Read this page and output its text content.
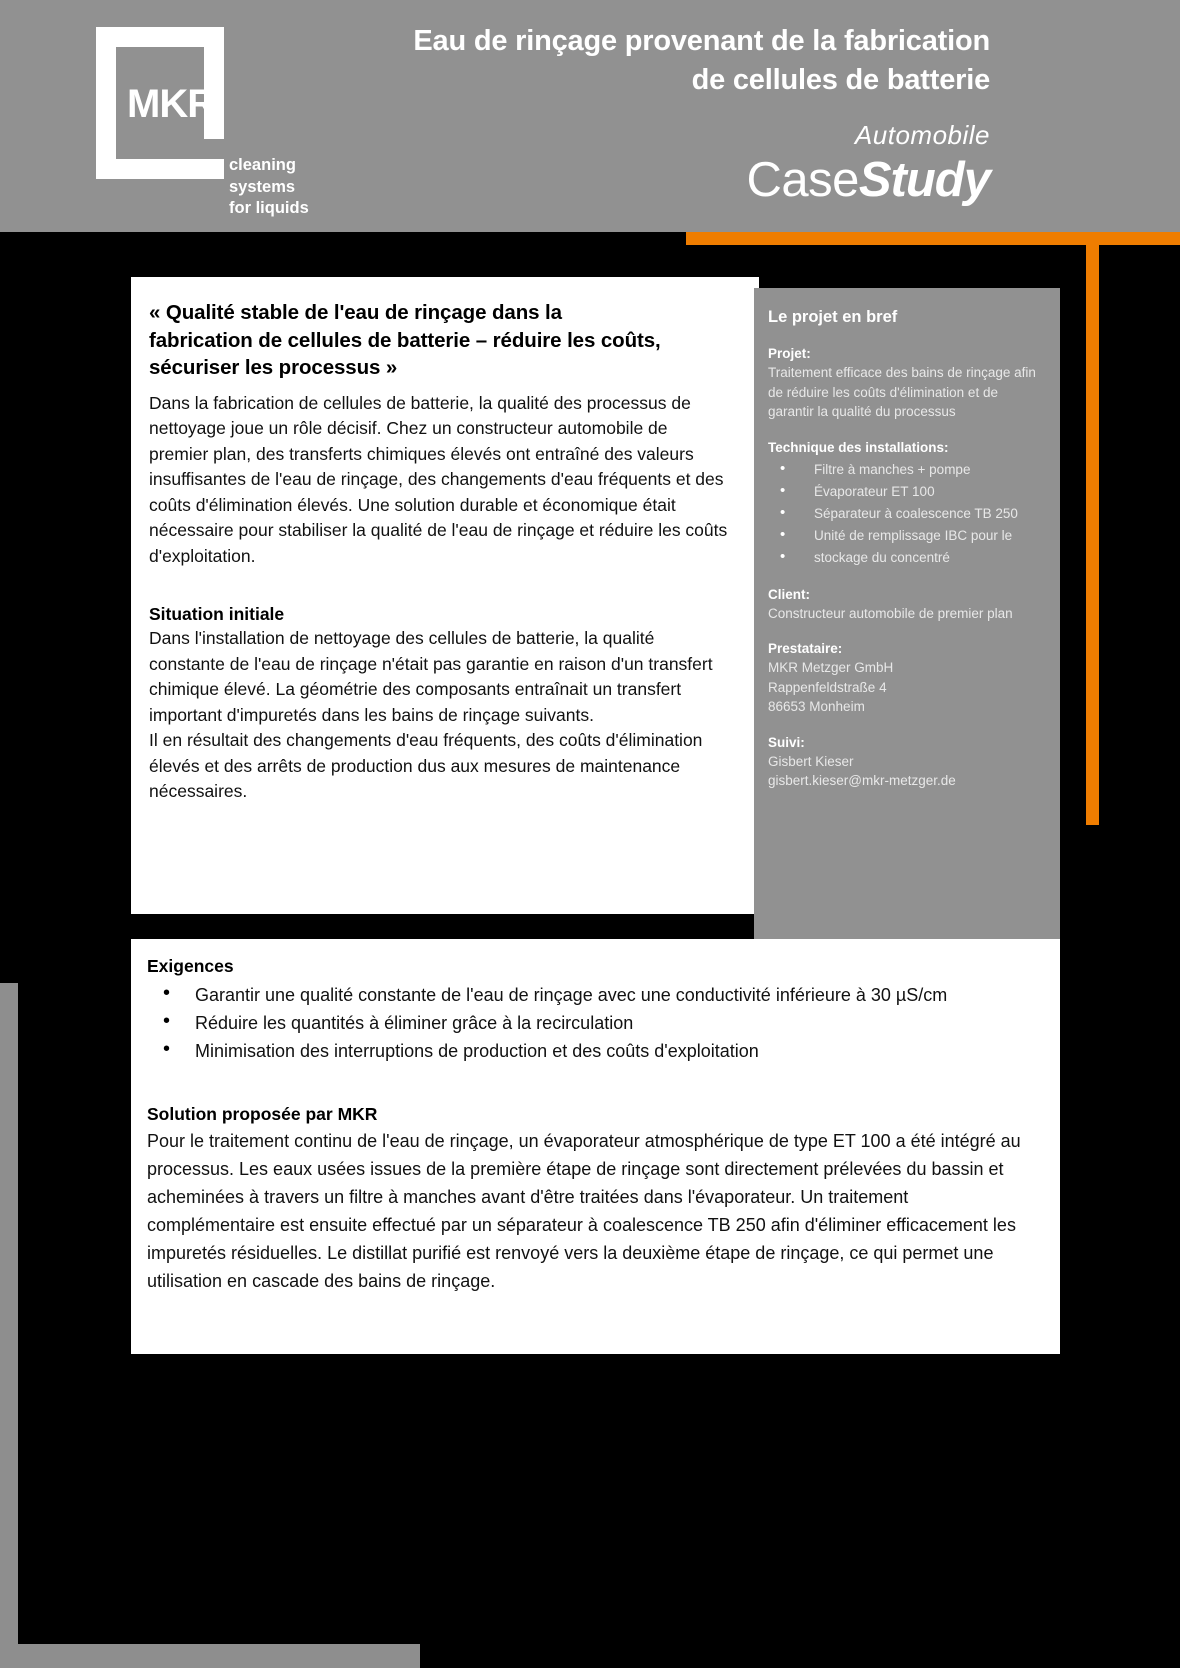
MKR
cleaning
systems
for liquids
Eau de rinçage provenant de la fabrication
de cellules de batterie
Automobile
CaseStudy
« Qualité stable de l'eau de rinçage dans la
fabrication de cellules de batterie – réduire les coûts,
sécuriser les processus »

Dans la fabrication de cellules de batterie, la qualité des processus de nettoyage joue un rôle décisif. Chez un constructeur automobile de premier plan, des transferts chimiques élevés ont entraîné des valeurs insuffisantes de l'eau de rinçage, des changements d'eau fréquents et des coûts d'élimination élevés. Une solution durable et économique était nécessaire pour stabiliser la qualité de l'eau de rinçage et réduire les coûts d'exploitation.

Situation initiale

Dans l'installation de nettoyage des cellules de batterie, la qualité constante de l'eau de rinçage n'était pas garantie en raison d'un transfert chimique élevé. La géométrie des composants entraînait un transfert important d'impuretés dans les bains de rinçage suivants.

Il en résultait des changements d'eau fréquents, des coûts d'élimination élevés et des arrêts de production dus aux mesures de maintenance nécessaires.

Le projet en bref
Projet:
Traitement efficace des bains de rinçage afin de réduire les coûts d'élimination et de garantir la qualité du processus
Technique des installations:
• Filtre à manches + pompe
• Évaporateur ET 100
• Séparateur à coalescence TB 250
• Unité de remplissage IBC pour le
• stockage du concentré
Client:
Constructeur automobile de premier plan
Prestataire:
MKR Metzger GmbH
Rappenfeldstraße 4
86653 Monheim
Suivi:
Gisbert Kieser
gisbert.kieser@mkr-metzger.de
Exigences
• Garantir une qualité constante de l'eau de rinçage avec une conductivité inférieure à 30 µS/cm
• Réduire les quantités à éliminer grâce à la recirculation
• Minimisation des interruptions de production et des coûts d'exploitation
Solution proposée par MKR

Pour le traitement continu de l'eau de rinçage, un évaporateur atmosphérique de type ET 100 a été intégré au processus. Les eaux usées issues de la première étape de rinçage sont directement prélevées du bassin et acheminées à travers un filtre à manches avant d'être traitées dans l'évaporateur. Un traitement complémentaire est ensuite effectué par un séparateur à coalescence TB 250 afin d'éliminer efficacement les impuretés résiduelles. Le distillat purifié est renvoyé vers la deuxième étape de rinçage, ce qui permet une utilisation en cascade des bains de rinçage.
